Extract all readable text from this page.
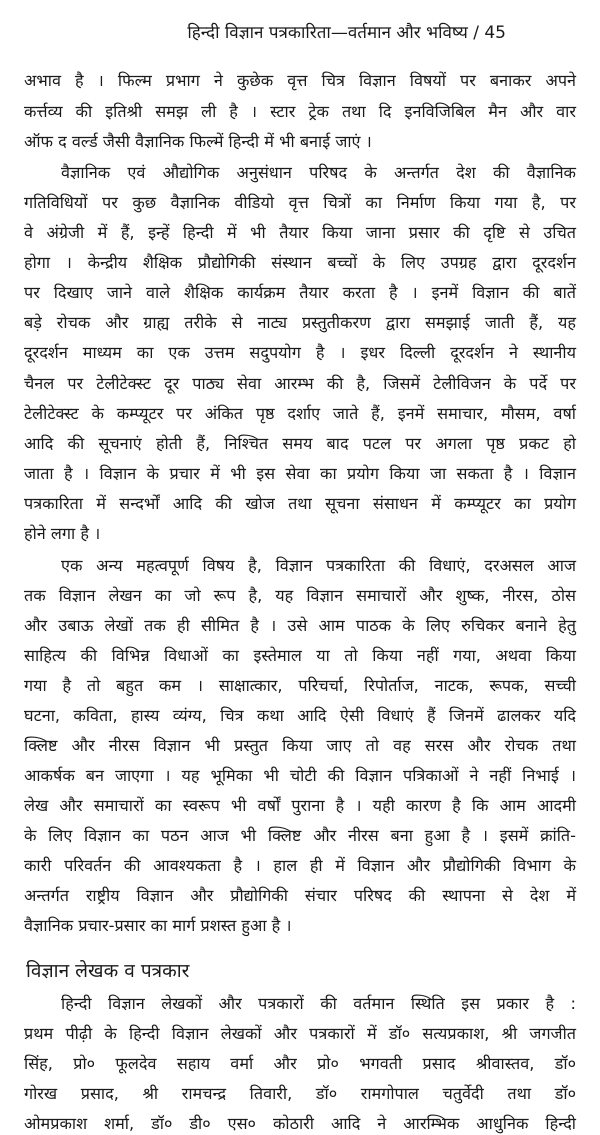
हिन्दी विज्ञान पत्रकारिता—वर्तमान और भविष्य / 45
अभाव है । फिल्म प्रभाग ने कुछेक वृत्त चित्र विज्ञान विषयों पर बनाकर अपने
कर्त्तव्य की इतिश्री समझ ली है । स्टार ट्रेक तथा दि इनविजिबिल मैन और वार
ऑफ द वर्ल्ड जैसी वैज्ञानिक फिल्में हिन्दी में भी बनाई जाएं ।
वैज्ञानिक एवं औद्योगिक अनुसंधान परिषद के अन्तर्गत देश की वैज्ञानिक
गतिविधियों पर कुछ वैज्ञानिक वीडियो वृत्त चित्रों का निर्माण किया गया है, पर
वे अंग्रेजी में हैं, इन्हें हिन्दी में भी तैयार किया जाना प्रसार की दृष्टि से उचित
होगा । केन्द्रीय शैक्षिक प्रौद्योगिकी संस्थान बच्चों के लिए उपग्रह द्वारा दूरदर्शन
पर दिखाए जाने वाले शैक्षिक कार्यक्रम तैयार करता है । इनमें विज्ञान की बातें
बड़े रोचक और ग्राह्य तरीके से नाट्य प्रस्तुतीकरण द्वारा समझाई जाती हैं, यह
दूरदर्शन माध्यम का एक उत्तम सदुपयोग है । इधर दिल्ली दूरदर्शन ने स्थानीय
चैनल पर टेलीटेक्स्ट दूर पाठ्य सेवा आरम्भ की है, जिसमें टेलीविजन के पर्दे पर
टेलीटेक्स्ट के कम्प्यूटर पर अंकित पृष्ठ दर्शाए जाते हैं, इनमें समाचार, मौसम, वर्षा
आदि की सूचनाएं होती हैं, निश्चित समय बाद पटल पर अगला पृष्ठ प्रकट हो
जाता है । विज्ञान के प्रचार में भी इस सेवा का प्रयोग किया जा सकता है । विज्ञान
पत्रकारिता में सन्दर्भों आदि की खोज तथा सूचना संसाधन में कम्प्यूटर का प्रयोग
होने लगा है ।
एक अन्य महत्वपूर्ण विषय है, विज्ञान पत्रकारिता की विधाएं, दरअसल आज
तक विज्ञान लेखन का जो रूप है, यह विज्ञान समाचारों और शुष्क, नीरस, ठोस
और उबाऊ लेखों तक ही सीमित है । उसे आम पाठक के लिए रुचिकर बनाने हेतु
साहित्य की विभिन्न विधाओं का इस्तेमाल या तो किया नहीं गया, अथवा किया
गया है तो बहुत कम । साक्षात्कार, परिचर्चा, रिपोर्ताज, नाटक, रूपक, सच्ची
घटना, कविता, हास्य व्यंग्य, चित्र कथा आदि ऐसी विधाएं हैं जिनमें ढालकर यदि
क्लिष्ट और नीरस विज्ञान भी प्रस्तुत किया जाए तो वह सरस और रोचक तथा
आकर्षक बन जाएगा । यह भूमिका भी चोटी की विज्ञान पत्रिकाओं ने नहीं निभाई ।
लेख और समाचारों का स्वरूप भी वर्षों पुराना है । यही कारण है कि आम आदमी
के लिए विज्ञान का पठन आज भी क्लिष्ट और नीरस बना हुआ है । इसमें क्रांति-
कारी परिवर्तन की आवश्यकता है । हाल ही में विज्ञान और प्रौद्योगिकी विभाग के
अन्तर्गत राष्ट्रीय विज्ञान और प्रौद्योगिकी संचार परिषद की स्थापना से देश में
वैज्ञानिक प्रचार-प्रसार का मार्ग प्रशस्त हुआ है ।
विज्ञान लेखक व पत्रकार
हिन्दी विज्ञान लेखकों और पत्रकारों की वर्तमान स्थिति इस प्रकार है :
प्रथम पीढ़ी के हिन्दी विज्ञान लेखकों और पत्रकारों में डॉ० सत्यप्रकाश, श्री जगजीत
सिंह, प्रो० फूलदेव सहाय वर्मा और प्रो० भगवती प्रसाद श्रीवास्तव, डॉ०
गोरख प्रसाद, श्री रामचन्द्र तिवारी, डॉ० रामगोपाल चतुर्वेदी तथा डॉ०
ओमप्रकाश शर्मा, डॉ० डी० एस० कोठारी आदि ने आरम्भिक आधुनिक हिन्दी
